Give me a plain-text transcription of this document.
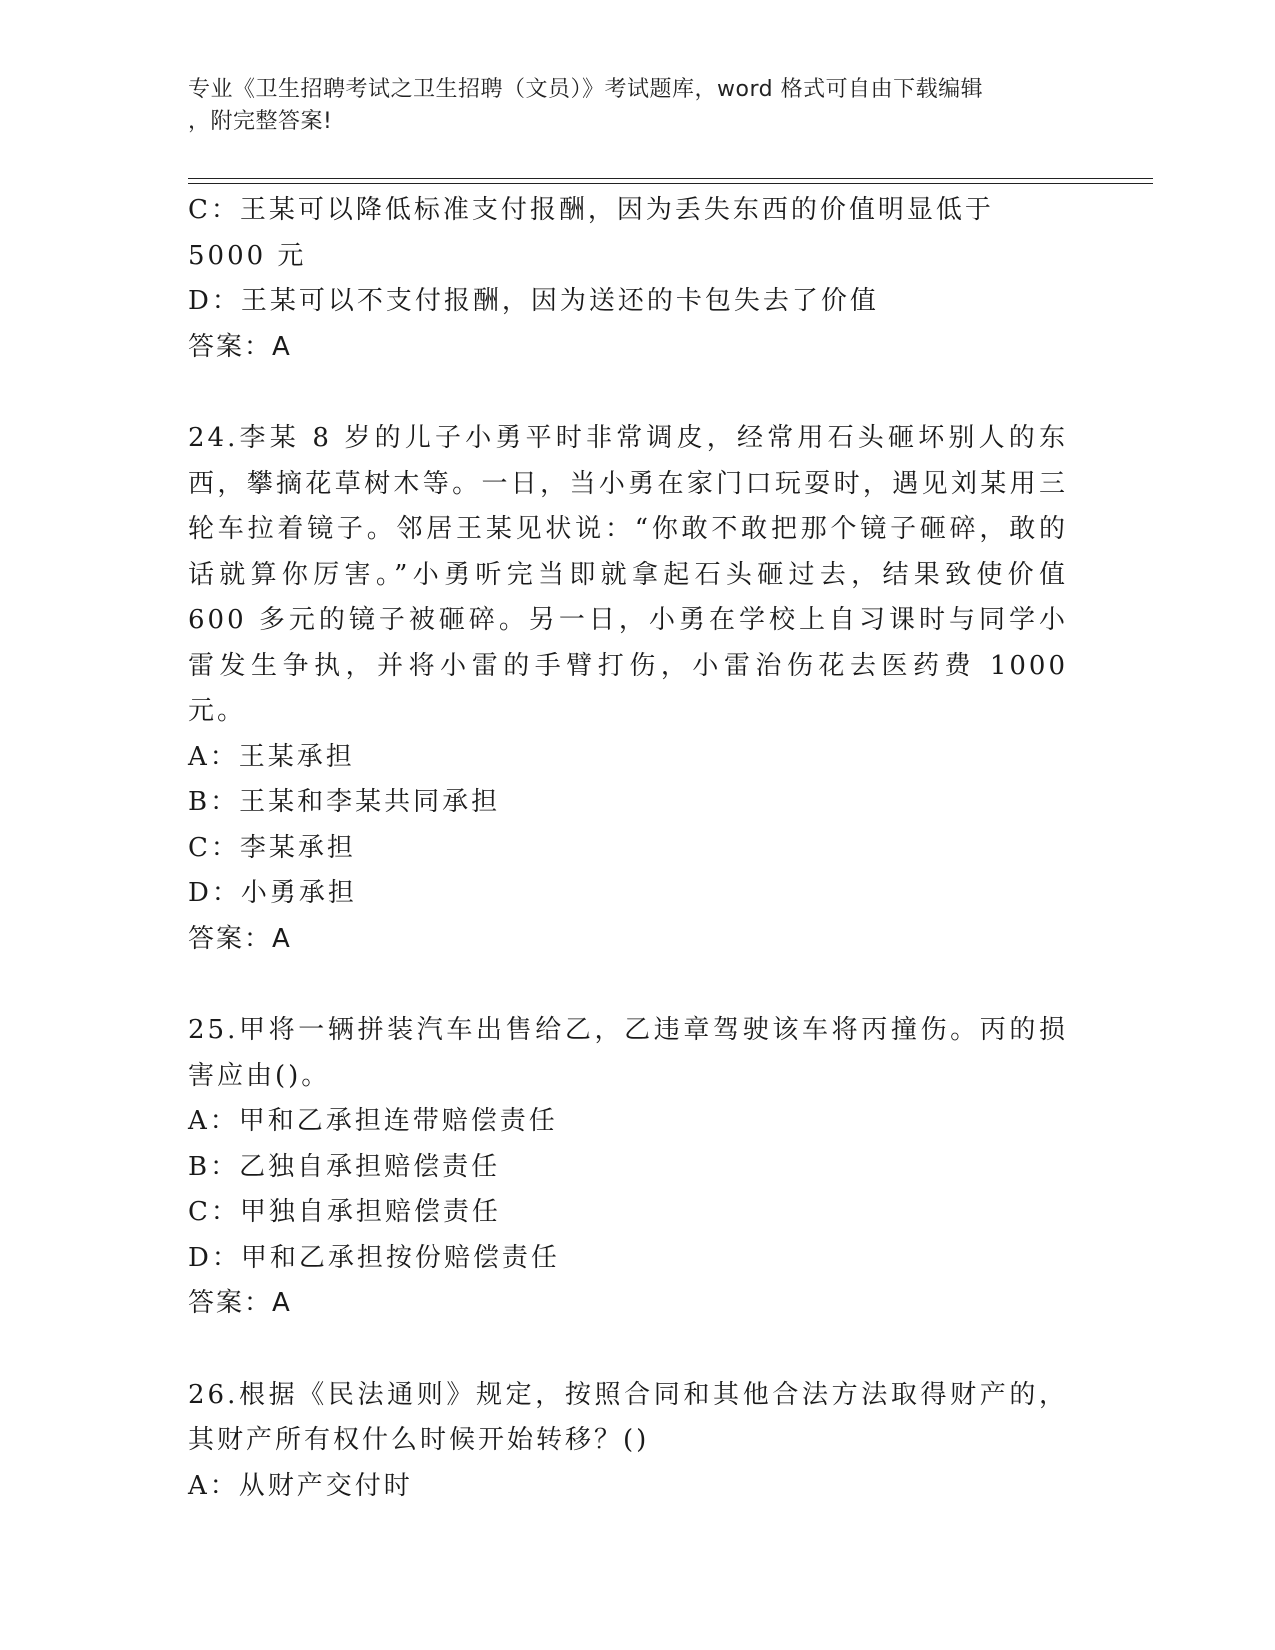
专业《卫生招聘考试之卫生招聘（文员）》考试题库，word 格式可自由下载编辑
，附完整答案!

C：王某可以降低标准支付报酬，因为丢失东西的价值明显低于 5000 元

D：王某可以不支付报酬，因为送还的卡包失去了价值

答案：A

24.李某 8 岁的儿子小勇平时非常调皮，经常用石头砸坏别人的东西，攀摘花草树木等。一日，当小勇在家门口玩耍时，遇见刘某用三轮车拉着镜子。邻居王某见状说：“你敢不敢把那个镜子砸碎，敢的话就算你厉害。”小勇听完当即就拿起石头砸过去，结果致使价值 600 多元的镜子被砸碎。另一日，小勇在学校上自习课时与同学小雷发生争执，并将小雷的手臂打伤，小雷治伤花去医药费 1000 元。

A：王某承担

B：王某和李某共同承担

C：李某承担

D：小勇承担

答案：A

25.甲将一辆拼装汽车出售给乙，乙违章驾驶该车将丙撞伤。丙的损害应由()。

A：甲和乙承担连带赔偿责任

B：乙独自承担赔偿责任

C：甲独自承担赔偿责任

D：甲和乙承担按份赔偿责任

答案：A

26.根据《民法通则》规定，按照合同和其他合法方法取得财产的，其财产所有权什么时候开始转移？()

A：从财产交付时
